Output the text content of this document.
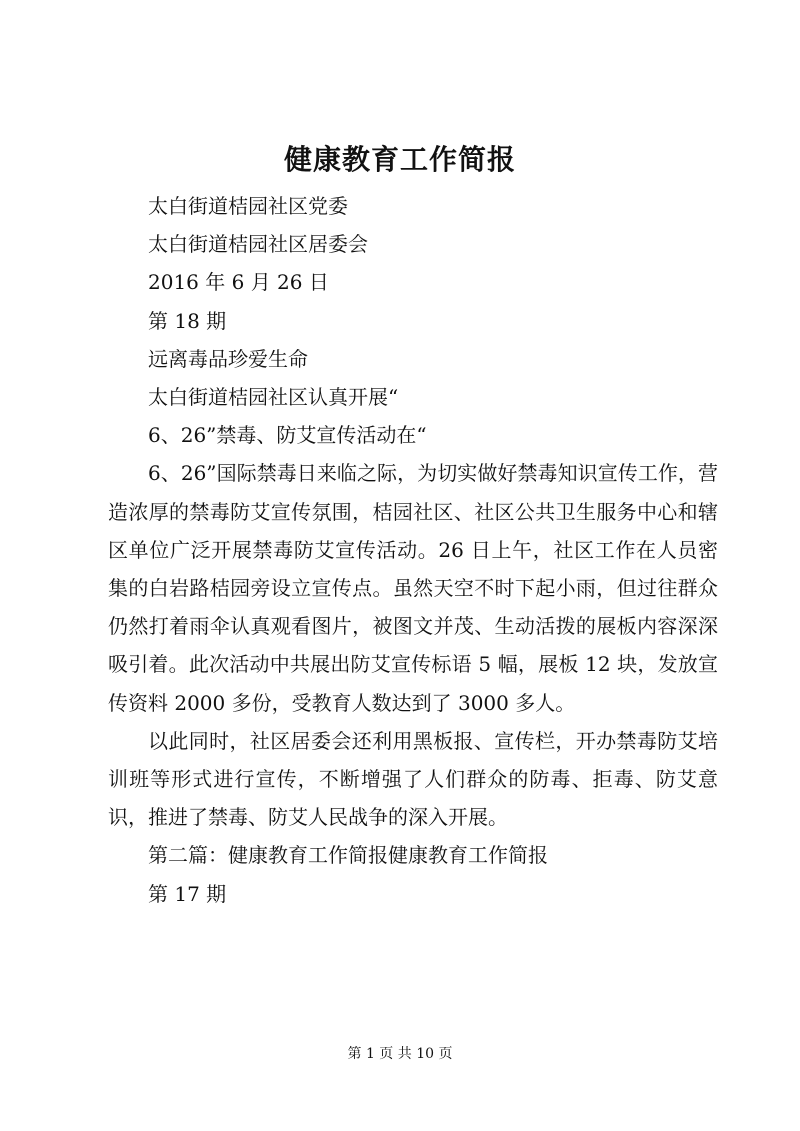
健康教育工作简报

太白街道桔园社区党委

太白街道桔园社区居委会

2016 年 6 月 26 日

第 18 期

远离毒品珍爱生命

太白街道桔园社区认真开展“

6、26”禁毒、防艾宣传活动在“

6、26”国际禁毒日来临之际，为切实做好禁毒知识宣传工作，营造浓厚的禁毒防艾宣传氛围，桔园社区、社区公共卫生服务中心和辖区单位广泛开展禁毒防艾宣传活动。26 日上午，社区工作在人员密集的白岩路桔园旁设立宣传点。虽然天空不时下起小雨，但过往群众仍然打着雨伞认真观看图片，被图文并茂、生动活拨的展板内容深深吸引着。此次活动中共展出防艾宣传标语 5 幅，展板 12 块，发放宣传资料 2000 多份，受教育人数达到了 3000 多人。

以此同时，社区居委会还利用黑板报、宣传栏，开办禁毒防艾培训班等形式进行宣传，不断增强了人们群众的防毒、拒毒、防艾意识，推进了禁毒、防艾人民战争的深入开展。

第二篇：健康教育工作简报健康教育工作简报

第 17 期

第 1 页 共 10 页
